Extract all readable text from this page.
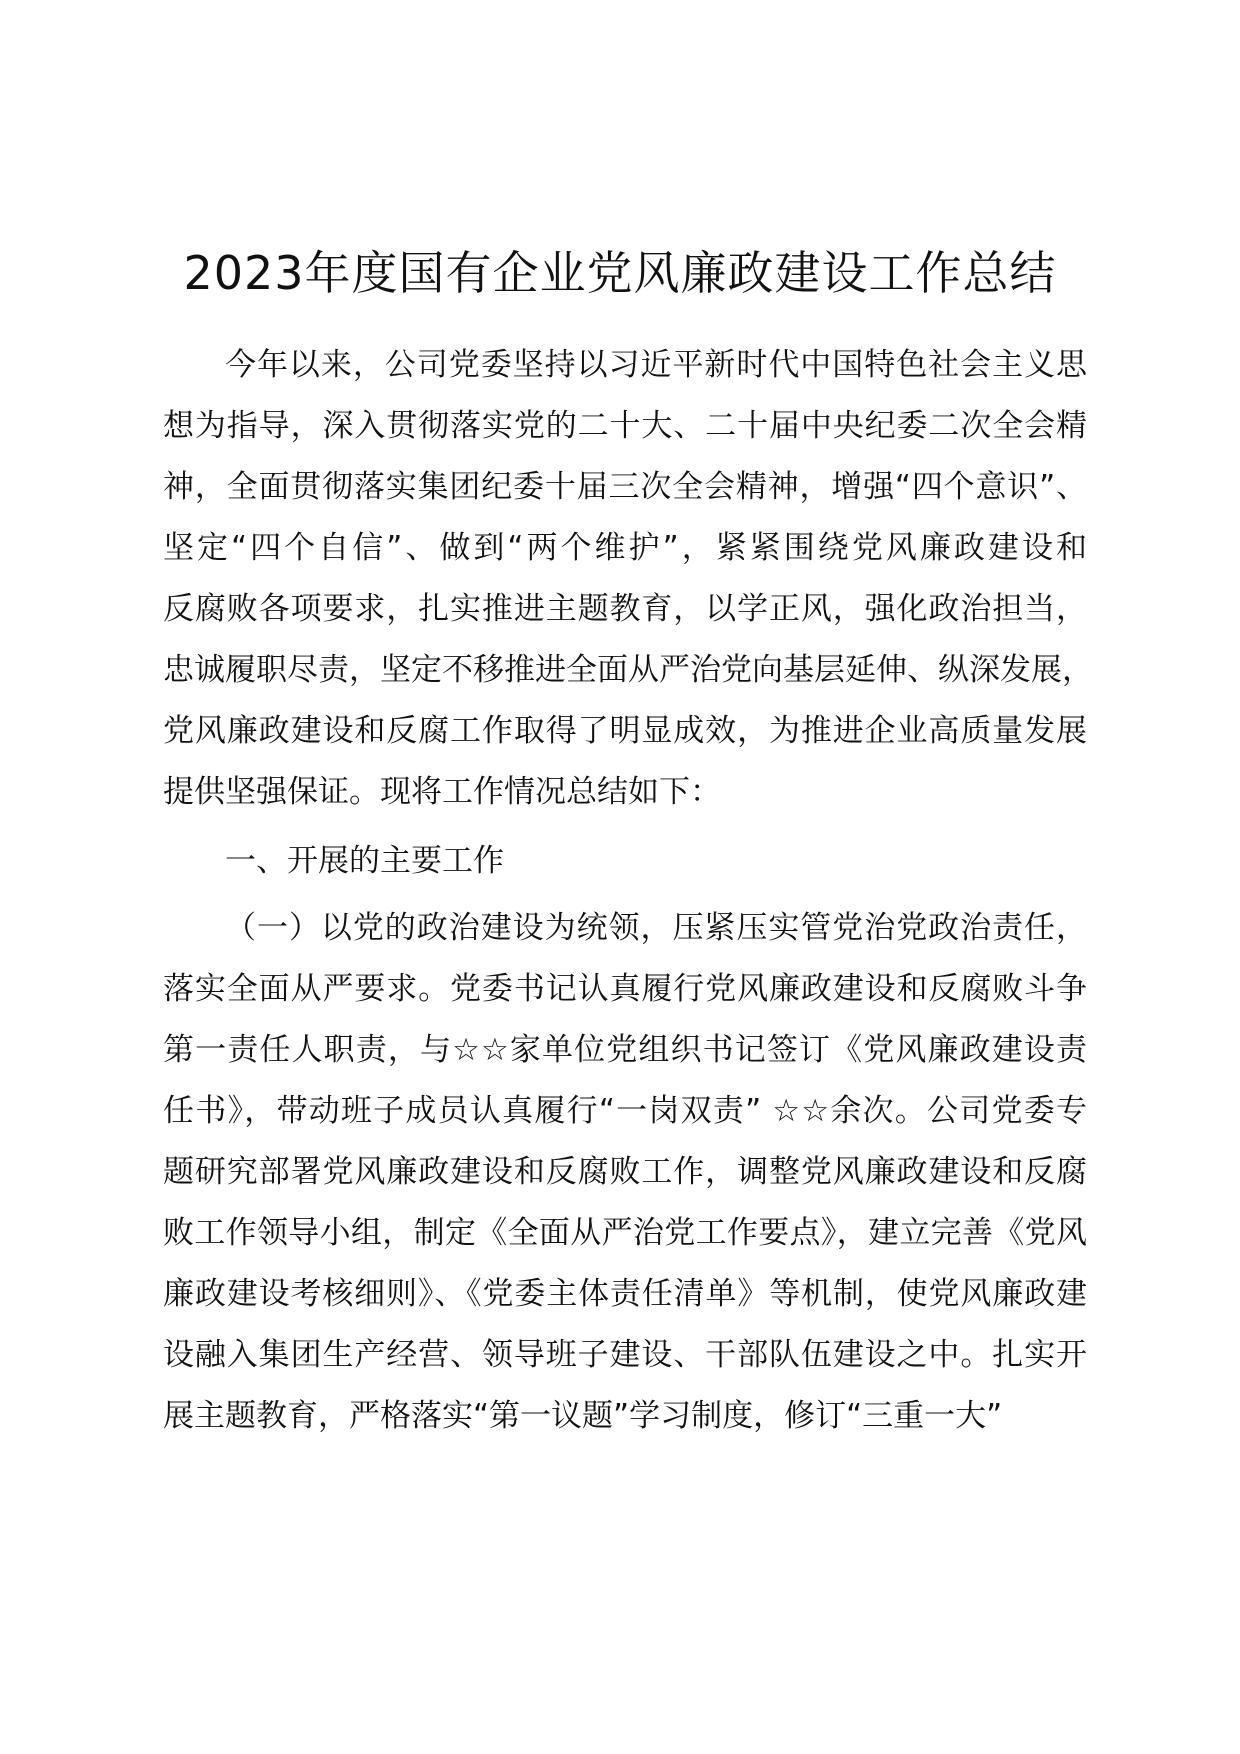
2023年度国有企业党风廉政建设工作总结
今年以来，公司党委坚持以习近平新时代中国特色社会主义思
想为指导，深入贯彻落实党的二十大、二十届中央纪委二次全会精
神，全面贯彻落实集团纪委十届三次全会精神，增强“四个意识”、
坚定“四个自信”、做到“两个维护”，紧紧围绕党风廉政建设和
反腐败各项要求，扎实推进主题教育，以学正风，强化政治担当，
忠诚履职尽责，坚定不移推进全面从严治党向基层延伸、纵深发展，
党风廉政建设和反腐工作取得了明显成效，为推进企业高质量发展
提供坚强保证。现将工作情况总结如下：
一、开展的主要工作
（一）以党的政治建设为统领，压紧压实管党治党政治责任，
落实全面从严要求。党委书记认真履行党风廉政建设和反腐败斗争
第一责任人职责，与☆☆家单位党组织书记签订《党风廉政建设责
任书》，带动班子成员认真履行“一岗双责” ☆☆余次。公司党委专
题研究部署党风廉政建设和反腐败工作，调整党风廉政建设和反腐
败工作领导小组，制定《全面从严治党工作要点》，建立完善《党风
廉政建设考核细则》、《党委主体责任清单》等机制，使党风廉政建
设融入集团生产经营、领导班子建设、干部队伍建设之中。扎实开
展主题教育，严格落实“第一议题”学习制度，修订“三重一大”
